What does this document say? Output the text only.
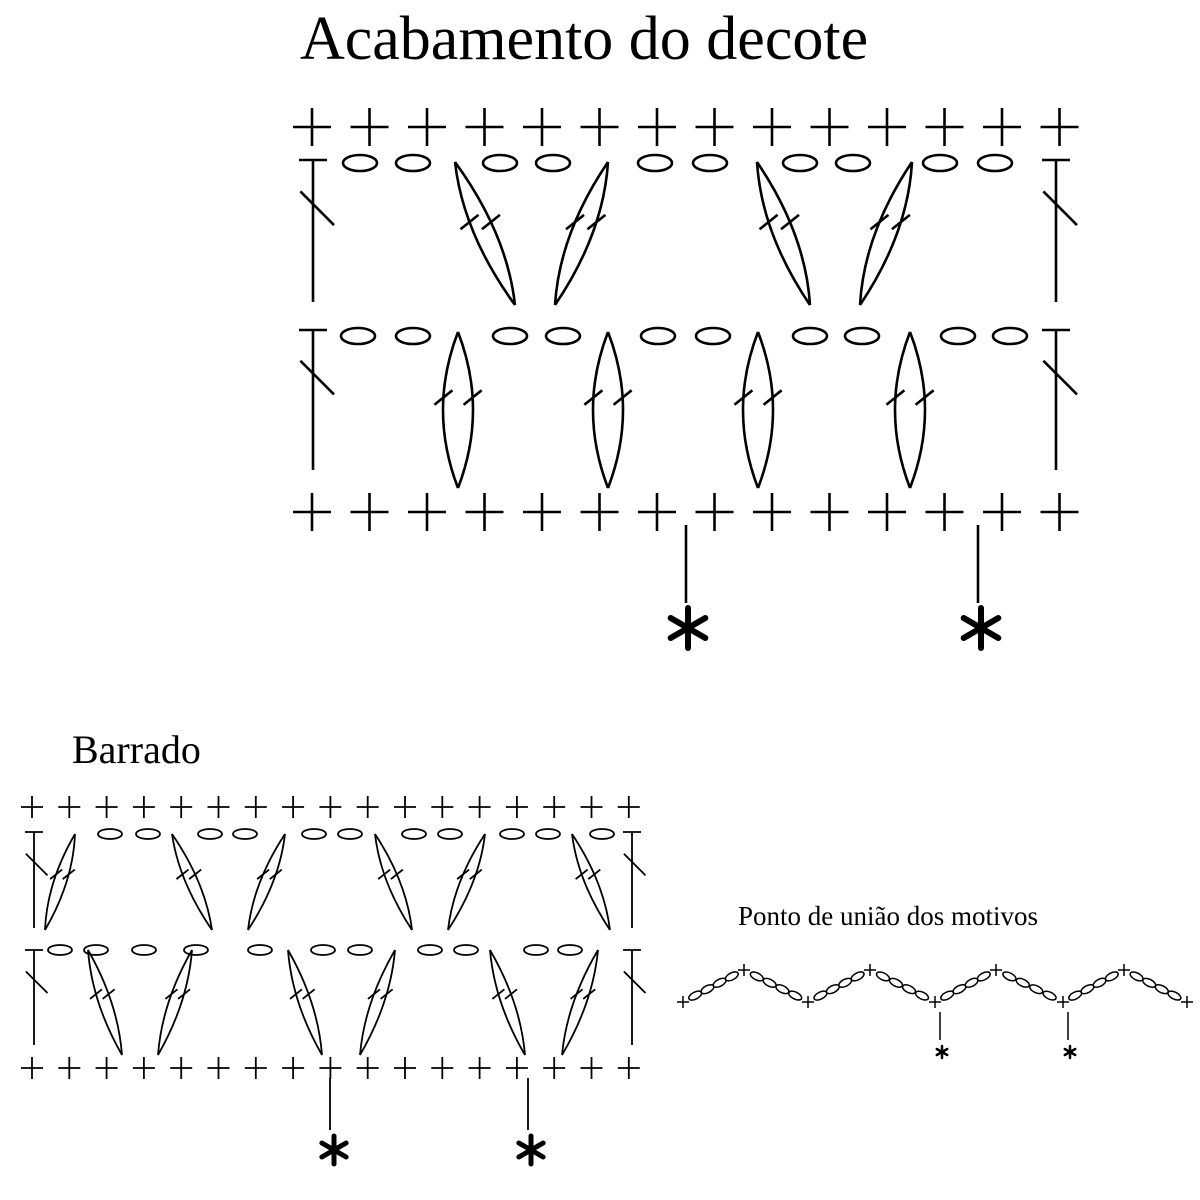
Acabamento do decote
Barrado
Ponto de união dos motivos
